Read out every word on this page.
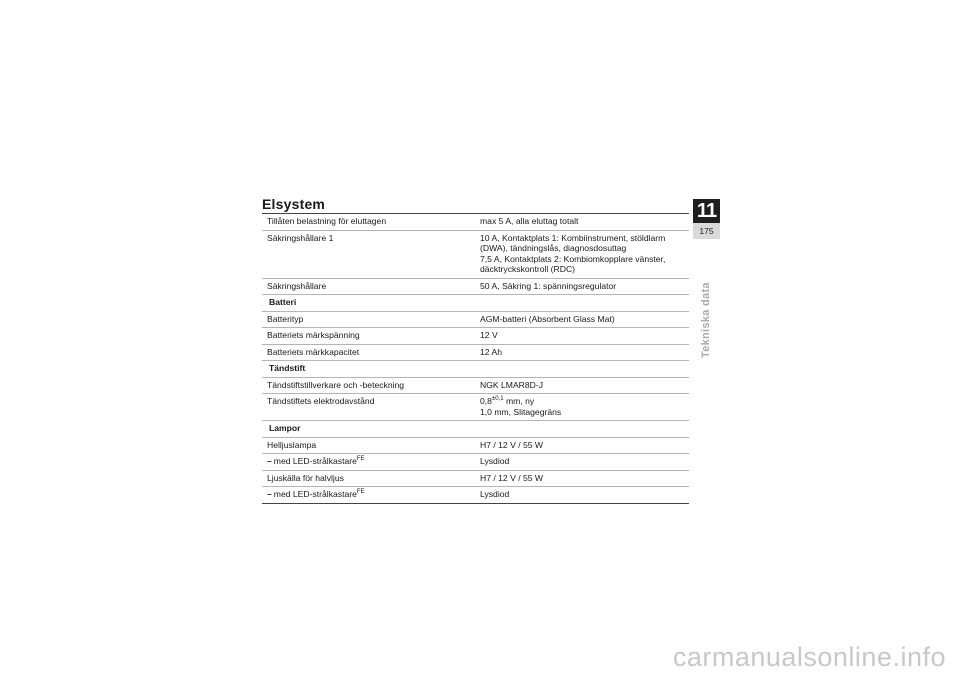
Elsystem
Tillåten belastning för eluttagen	max 5 A, alla eluttag totalt
Säkringshållare 1	10 A, Kontaktplats 1: Kombiinstrument, stöldlarm
(DWA), tändningslås, diagnosdosuttag
7,5 A, Kontaktplats 2: Kombiomkopplare vänster,
däcktryckskontroll (RDC)
Säkringshållare	50 A, Säkring 1: spänningsregulator
Batteri
Batterityp	AGM-batteri (Absorbent Glass Mat)
Batteriets märkspänning	12 V
Batteriets märkkapacitet	12 Ah
Tändstift
Tändstiftstillverkare och -beteckning	NGK LMAR8D-J
Tändstiftets elektrodavstånd	$0,8^{\pm 0,1}$ mm, ny
1,0 mm, Slitagegräns
Lampor
Helljuslampa	H7 / 12 V / 55 W
– med LED-strålkastare$^{FE}$	Lysdiod
Ljuskälla för halvljus	H7 / 12 V / 55 W
– med LED-strålkastare$^{FE}$	Lysdiod
11
175
Tekniska data
carmanualsonline.info
